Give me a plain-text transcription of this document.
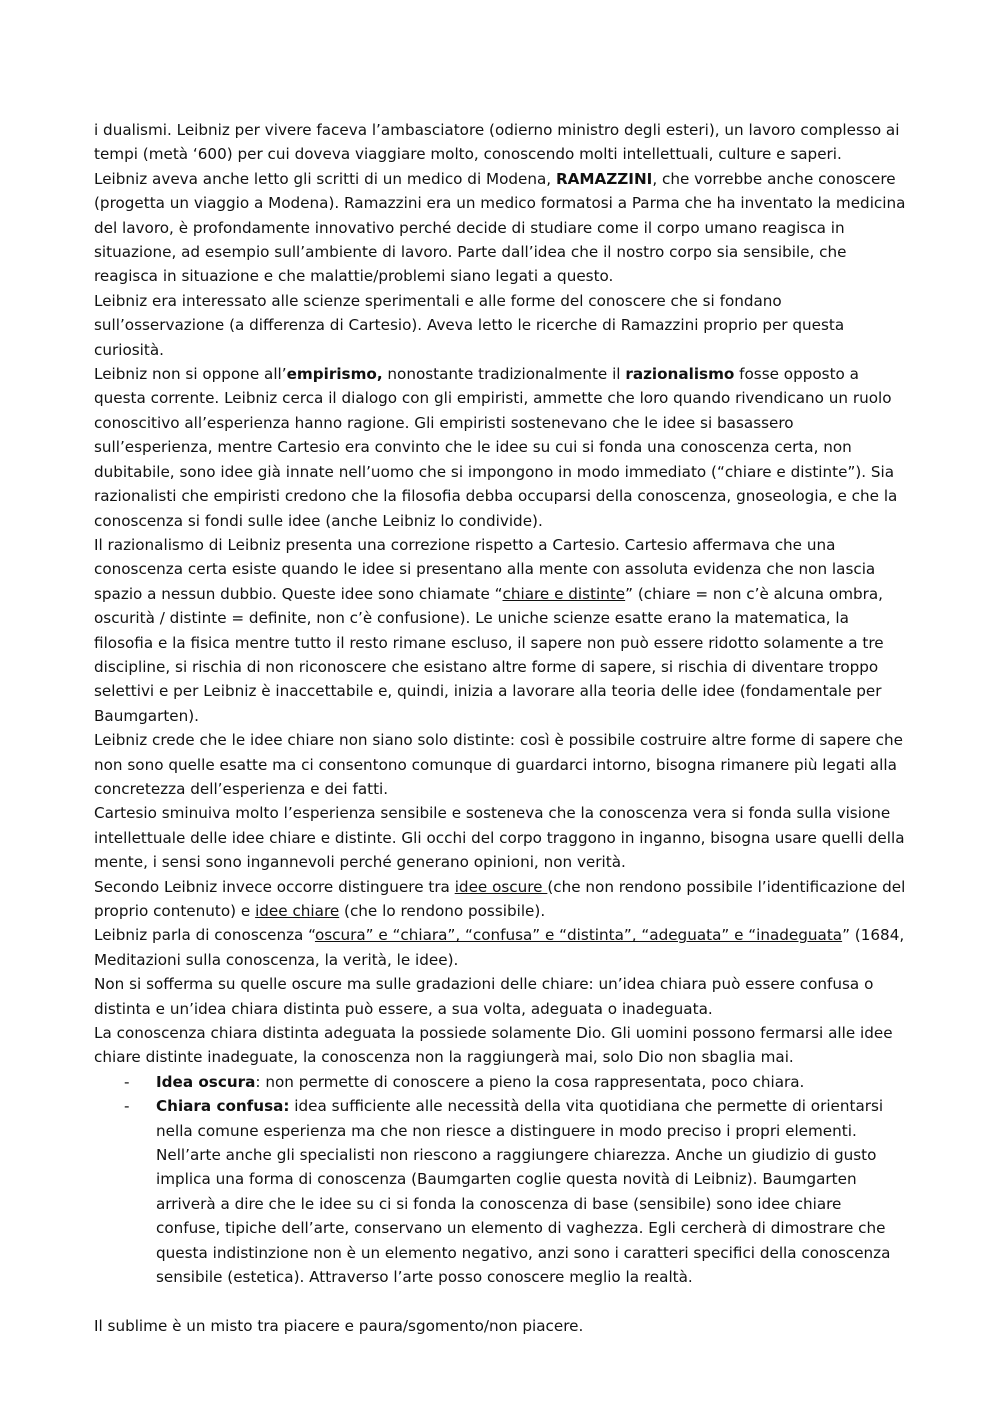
i dualismi. Leibniz per vivere faceva l’ambasciatore (odierno ministro degli esteri), un lavoro complesso ai tempi (metà ‘600) per cui doveva viaggiare molto, conoscendo molti intellettuali, culture e saperi.

Leibniz aveva anche letto gli scritti di un medico di Modena, RAMAZZINI, che vorrebbe anche conoscere (progetta un viaggio a Modena). Ramazzini era un medico formatosi a Parma che ha inventato la medicina del lavoro, è profondamente innovativo perché decide di studiare come il corpo umano reagisca in situazione, ad esempio sull’ambiente di lavoro. Parte dall’idea che il nostro corpo sia sensibile, che reagisca in situazione e che malattie/problemi siano legati a questo.

Leibniz era interessato alle scienze sperimentali e alle forme del conoscere che si fondano sull’osservazione (a differenza di Cartesio). Aveva letto le ricerche di Ramazzini proprio per questa curiosità.

Leibniz non si oppone all’empirismo, nonostante tradizionalmente il razionalismo fosse opposto a questa corrente. Leibniz cerca il dialogo con gli empiristi, ammette che loro quando rivendicano un ruolo conoscitivo all’esperienza hanno ragione. Gli empiristi sostenevano che le idee si basassero sull’esperienza, mentre Cartesio era convinto che le idee su cui si fonda una conoscenza certa, non dubitabile, sono idee già innate nell’uomo che si impongono in modo immediato (“chiare e distinte”). Sia razionalisti che empiristi credono che la filosofia debba occuparsi della conoscenza, gnoseologia, e che la conoscenza si fondi sulle idee (anche Leibniz lo condivide).

Il razionalismo di Leibniz presenta una correzione rispetto a Cartesio. Cartesio affermava che una conoscenza certa esiste quando le idee si presentano alla mente con assoluta evidenza che non lascia spazio a nessun dubbio. Queste idee sono chiamate “chiare e distinte” (chiare = non c’è alcuna ombra, oscurità / distinte = definite, non c’è confusione). Le uniche scienze esatte erano la matematica, la filosofia e la fisica mentre tutto il resto rimane escluso, il sapere non può essere ridotto solamente a tre discipline, si rischia di non riconoscere che esistano altre forme di sapere, si rischia di diventare troppo selettivi e per Leibniz è inaccettabile e, quindi, inizia a lavorare alla teoria delle idee (fondamentale per Baumgarten).

Leibniz crede che le idee chiare non siano solo distinte: così è possibile costruire altre forme di sapere che non sono quelle esatte ma ci consentono comunque di guardarci intorno, bisogna rimanere più legati alla concretezza dell’esperienza e dei fatti.

Cartesio sminuiva molto l’esperienza sensibile e sosteneva che la conoscenza vera si fonda sulla visione intellettuale delle idee chiare e distinte. Gli occhi del corpo traggono in inganno, bisogna usare quelli della mente, i sensi sono ingannevoli perché generano opinioni, non verità.

Secondo Leibniz invece occorre distinguere tra idee oscure (che non rendono possibile l’identificazione del proprio contenuto) e idee chiare (che lo rendono possibile).

Leibniz parla di conoscenza “oscura” e “chiara”, “confusa” e “distinta”, “adeguata” e “inadeguata” (1684, Meditazioni sulla conoscenza, la verità, le idee).

Non si sofferma su quelle oscure ma sulle gradazioni delle chiare: un’idea chiara può essere confusa o distinta e un’idea chiara distinta può essere, a sua volta, adeguata o inadeguata.

La conoscenza chiara distinta adeguata la possiede solamente Dio. Gli uomini possono fermarsi alle idee chiare distinte inadeguate, la conoscenza non la raggiungerà mai, solo Dio non sbaglia mai.

- Idea oscura: non permette di conoscere a pieno la cosa rappresentata, poco chiara.
- Chiara confusa: idea sufficiente alle necessità della vita quotidiana che permette di orientarsi nella comune esperienza ma che non riesce a distinguere in modo preciso i propri elementi. Nell’arte anche gli specialisti non riescono a raggiungere chiarezza. Anche un giudizio di gusto implica una forma di conoscenza (Baumgarten coglie questa novità di Leibniz). Baumgarten arriverà a dire che le idee su ci si fonda la conoscenza di base (sensibile) sono idee chiare confuse, tipiche dell’arte, conservano un elemento di vaghezza. Egli cercherà di dimostrare che questa indistinzione non è un elemento negativo, anzi sono i caratteri specifici della conoscenza sensibile (estetica). Attraverso l’arte posso conoscere meglio la realtà.

Il sublime è un misto tra piacere e paura/sgomento/non piacere.
